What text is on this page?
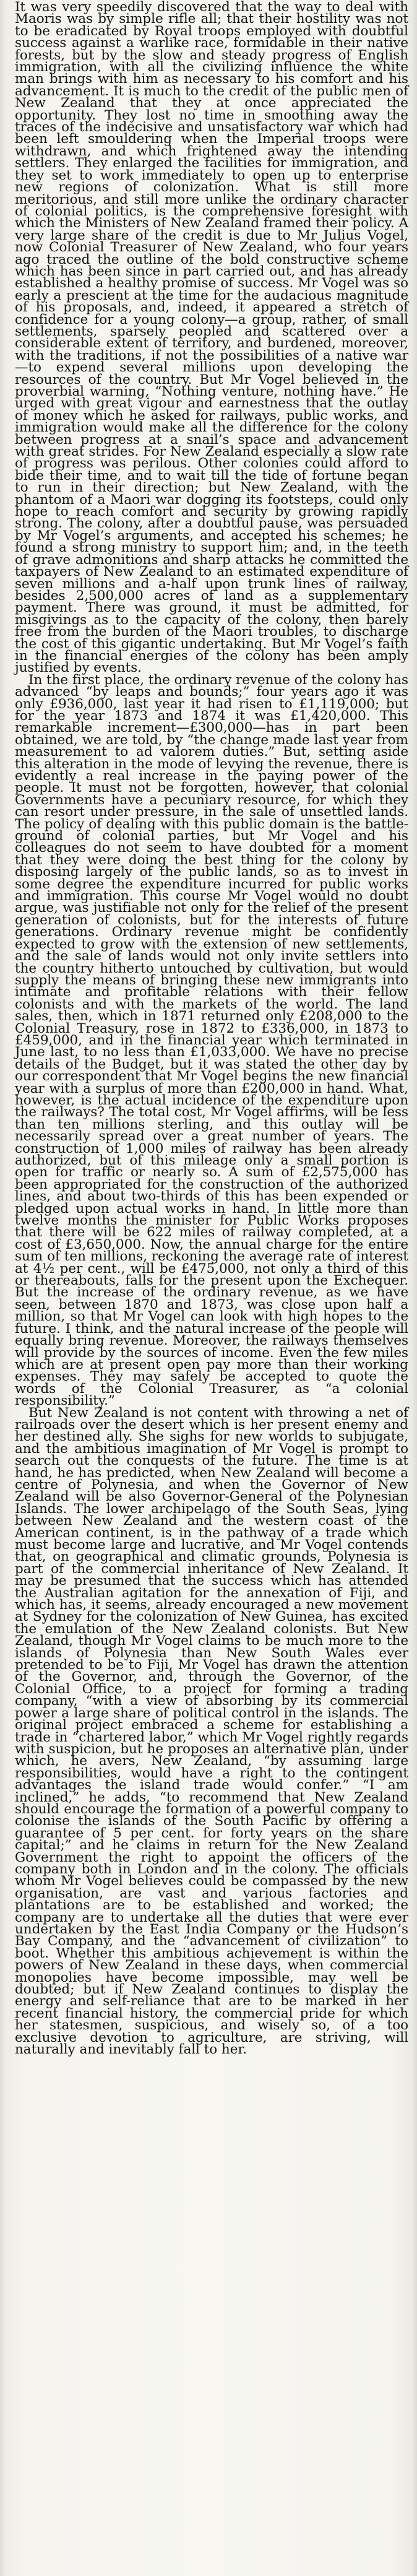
It was very speedily discovered that the way to deal with Maoris was by simple rifle all; that their hostility was not to be eradicated by Royal troops employed with doubtful success against a warlike race, formidable in their native forests, but by the slow and steady progress of English immigration, with all the civilizing influence the white man brings with him as necessary to his comfort and his advancement. It is much to the credit of the public men of New Zealand that they at once appreciated the opportunity. They lost no time in smoothing away the traces of the indecisive and unsatisfactory war which had been left smouldering when the Imperial troops were withdrawn, and which frightened away the intending settlers. They enlarged the facilities for immigration, and they set to work immediately to open up to enterprise new regions of colonization. What is still more meritorious, and still more unlike the ordinary character of colonial politics, is the comprehensive foresight with which the Ministers of New Zealand framed their policy. A very large share of the credit is due to Mr Julius Vogel, now Colonial Treasurer of New Zealand, who four years ago traced the outline of the bold constructive scheme which has been since in part carried out, and has already established a healthy promise of success. Mr Vogel was so early a prescient at the time for the audacious magnitude of his proposals, and, indeed, it appeared a stretch of confidence for a young colony—a group, rather, of small settlements, sparsely peopled and scattered over a considerable extent of territory, and burdened, moreover, with the traditions, if not the possibilities of a native war—to expend several millions upon developing the resources of the country. But Mr Vogel believed in the proverbial warning, “Nothing venture, nothing have.” He urged with great vigour and earnestness that the outlay of money which he asked for railways, public works, and immigration would make all the difference for the colony between progress at a snail’s space and advancement with great strides. For New Zealand especially a slow rate of progress was perilous. Other colonies could afford to bide their time, and to wait till the tide of fortune began to run in their direction; but New Zealand, with the phantom of a Maori war dogging its footsteps, could only hope to reach comfort and security by growing rapidly strong. The colony, after a doubtful pause, was persuaded by Mr Vogel’s arguments, and accepted his schemes; he found a strong ministry to support him; and, in the teeth of grave admonitions and sharp attacks he committed the taxpayers of New Zealand to an estimated expenditure of seven millions and a-half upon trunk lines of railway, besides 2,500,000 acres of land as a supplementary payment. There was ground, it must be admitted, for misgivings as to the capacity of the colony, then barely free from the burden of the Maori troubles, to discharge the cost of this gigantic undertaking. But Mr Vogel’s faith in the financial energies of the colony has been amply justified by events.

In the first place, the ordinary revenue of the colony has advanced “by leaps and bounds;” four years ago it was only £936,000, last year it had risen to £1,119,000; but for the year 1873 and 1874 it was £1,420,000. This remarkable increment—£300,000—has in part been obtained, we are told, by “the change made last year from measurement to ad valorem duties.” But, setting aside this alteration in the mode of levying the revenue, there is evidently a real increase in the paying power of the people. It must not be forgotten, however, that colonial Governments have a pecuniary resource, for which they can resort under pressure, in the sale of unsettled lands. The policy of dealing with this public domain is the battle-ground of colonial parties, but Mr Vogel and his colleagues do not seem to have doubted for a moment that they were doing the best thing for the colony by disposing largely of the public lands, so as to invest in some degree the expenditure incurred for public works and immigration. This course Mr Vogel would no doubt argue, was justifiable not only for the relief of the present generation of colonists, but for the interests of future generations. Ordinary revenue might be confidently expected to grow with the extension of new settlements, and the sale of lands would not only invite settlers into the country hitherto untouched by cultivation, but would supply the means of bringing these new immigrants into intimate and profitable relations with their fellow colonists and with the markets of the world. The land sales, then, which in 1871 returned only £208,000 to the Colonial Treasury, rose in 1872 to £336,000, in 1873 to £459,000, and in the financial year which terminated in June last, to no less than £1,033,000. We have no precise details of the Budget, but it was stated the other day by our correspondent that Mr Vogel begins the new financial year with a surplus of more than £200,000 in hand. What, however, is the actual incidence of the expenditure upon the railways? The total cost, Mr Vogel affirms, will be less than ten millions sterling, and this outlay will be necessarily spread over a great number of years. The construction of 1,000 miles of railway has been already authorized, but of this mileage only a small portion is open for traffic or nearly so. A sum of £2,575,000 has been appropriated for the construction of the authorized lines, and about two-thirds of this has been expended or pledged upon actual works in hand. In little more than twelve months the minister for Public Works proposes that there will be 622 miles of railway completed, at a cost of £3,650,000. Now, the annual charge for the entire sum of ten millions, reckoning the average rate of interest at 4½ per cent., will be £475,000, not only a third of this or thereabouts, falls for the present upon the Exchequer. But the increase of the ordinary revenue, as we have seen, between 1870 and 1873, was close upon half a million, so that Mr Vogel can look with high hopes to the future. I think, and the natural increase of the people will equally bring revenue. Moreover, the railways themselves will provide by the sources of income. Even the few miles which are at present open pay more than their working expenses. They may safely be accepted to quote the words of the Colonial Treasurer, as “a colonial responsibility.”

But New Zealand is not content with throwing a net of railroads over the desert which is her present enemy and her destined ally. She sighs for new worlds to subjugate, and the ambitious imagination of Mr Vogel is prompt to search out the conquests of the future. The time is at hand, he has predicted, when New Zealand will become a centre of Polynesia, and when the Governor of New Zealand will be also Governor-General of the Polynesian Islands. The lower archipelago of the South Seas, lying between New Zealand and the western coast of the American continent, is in the pathway of a trade which must become large and lucrative, and Mr Vogel contends that, on geographical and climatic grounds, Polynesia is part of the commercial inheritance of New Zealand. It may be presumed that the success which has attended the Australian agitation for the annexation of Fiji, and which has, it seems, already encouraged a new movement at Sydney for the colonization of New Guinea, has excited the emulation of the New Zealand colonists. But New Zealand, though Mr Vogel claims to be much more to the islands of Polynesia than New South Wales ever pretended to be to Fiji, Mr Vogel has drawn the attention of the Governor, and, through the Governor, of the Colonial Office, to a project for forming a trading company, “with a view of absorbing by its commercial power a large share of political control in the islands. The original project embraced a scheme for establishing a trade in “chartered labor,” which Mr Vogel rightly regards with suspicion, but he proposes an alternative plan, under which, he avers, New Zealand, “by assuming large responsibilities, would have a right to the contingent advantages the island trade would confer.” “I am inclined,” he adds, “to recommend that New Zealand should encourage the formation of a powerful company to colonise the islands of the South Pacific by offering a guarantee of 5 per cent. for forty years on the share capital;” and he claims in return for the New Zealand Government the right to appoint the officers of the company both in London and in the colony. The officials whom Mr Vogel believes could be compassed by the new organisation, are vast and various factories and plantations are to be established and worked; the company are to undertake all the duties that were ever undertaken by the East India Company or the Hudson’s Bay Company, and the “advancement of civilization” to boot. Whether this ambitious achievement is within the powers of New Zealand in these days, when commercial monopolies have become impossible, may well be doubted; but if New Zealand continues to display the energy and self-reliance that are to be marked in her recent financial history, the commercial pride for which her statesmen, suspicious, and wisely so, of a too exclusive devotion to agriculture, are striving, will naturally and inevitably fall to her.
